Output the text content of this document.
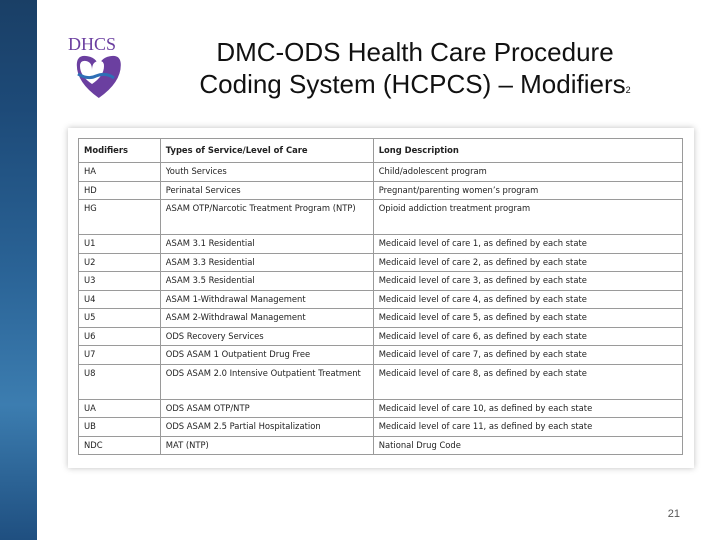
DHCS	DMC-ODS Health Care Procedure
Coding System (HCPCS) – Modifiers2
Modifiers	Types of Service/Level of Care	Long Description
HA	Youth Services	Child/adolescent program
HD	Perinatal Services	Pregnant/parenting women’s program
HG	ASAM OTP/Narcotic Treatment Program (NTP)	Opioid addiction treatment program
U1	ASAM 3.1 Residential	Medicaid level of care 1, as defined by each state
U2	ASAM 3.3 Residential	Medicaid level of care 2, as defined by each state
U3	ASAM 3.5 Residential	Medicaid level of care 3, as defined by each state
U4	ASAM 1-Withdrawal Management	Medicaid level of care 4, as defined by each state
U5	ASAM 2-Withdrawal Management	Medicaid level of care 5, as defined by each state
U6	ODS Recovery Services	Medicaid level of care 6, as defined by each state
U7	ODS ASAM 1 Outpatient Drug Free	Medicaid level of care 7, as defined by each state
U8	ODS ASAM 2.0 Intensive Outpatient Treatment	Medicaid level of care 8, as defined by each state
UA	ODS ASAM OTP/NTP	Medicaid level of care 10, as defined by each state
UB	ODS ASAM 2.5 Partial Hospitalization	Medicaid level of care 11, as defined by each state
NDC	MAT (NTP)	National Drug Code
21
